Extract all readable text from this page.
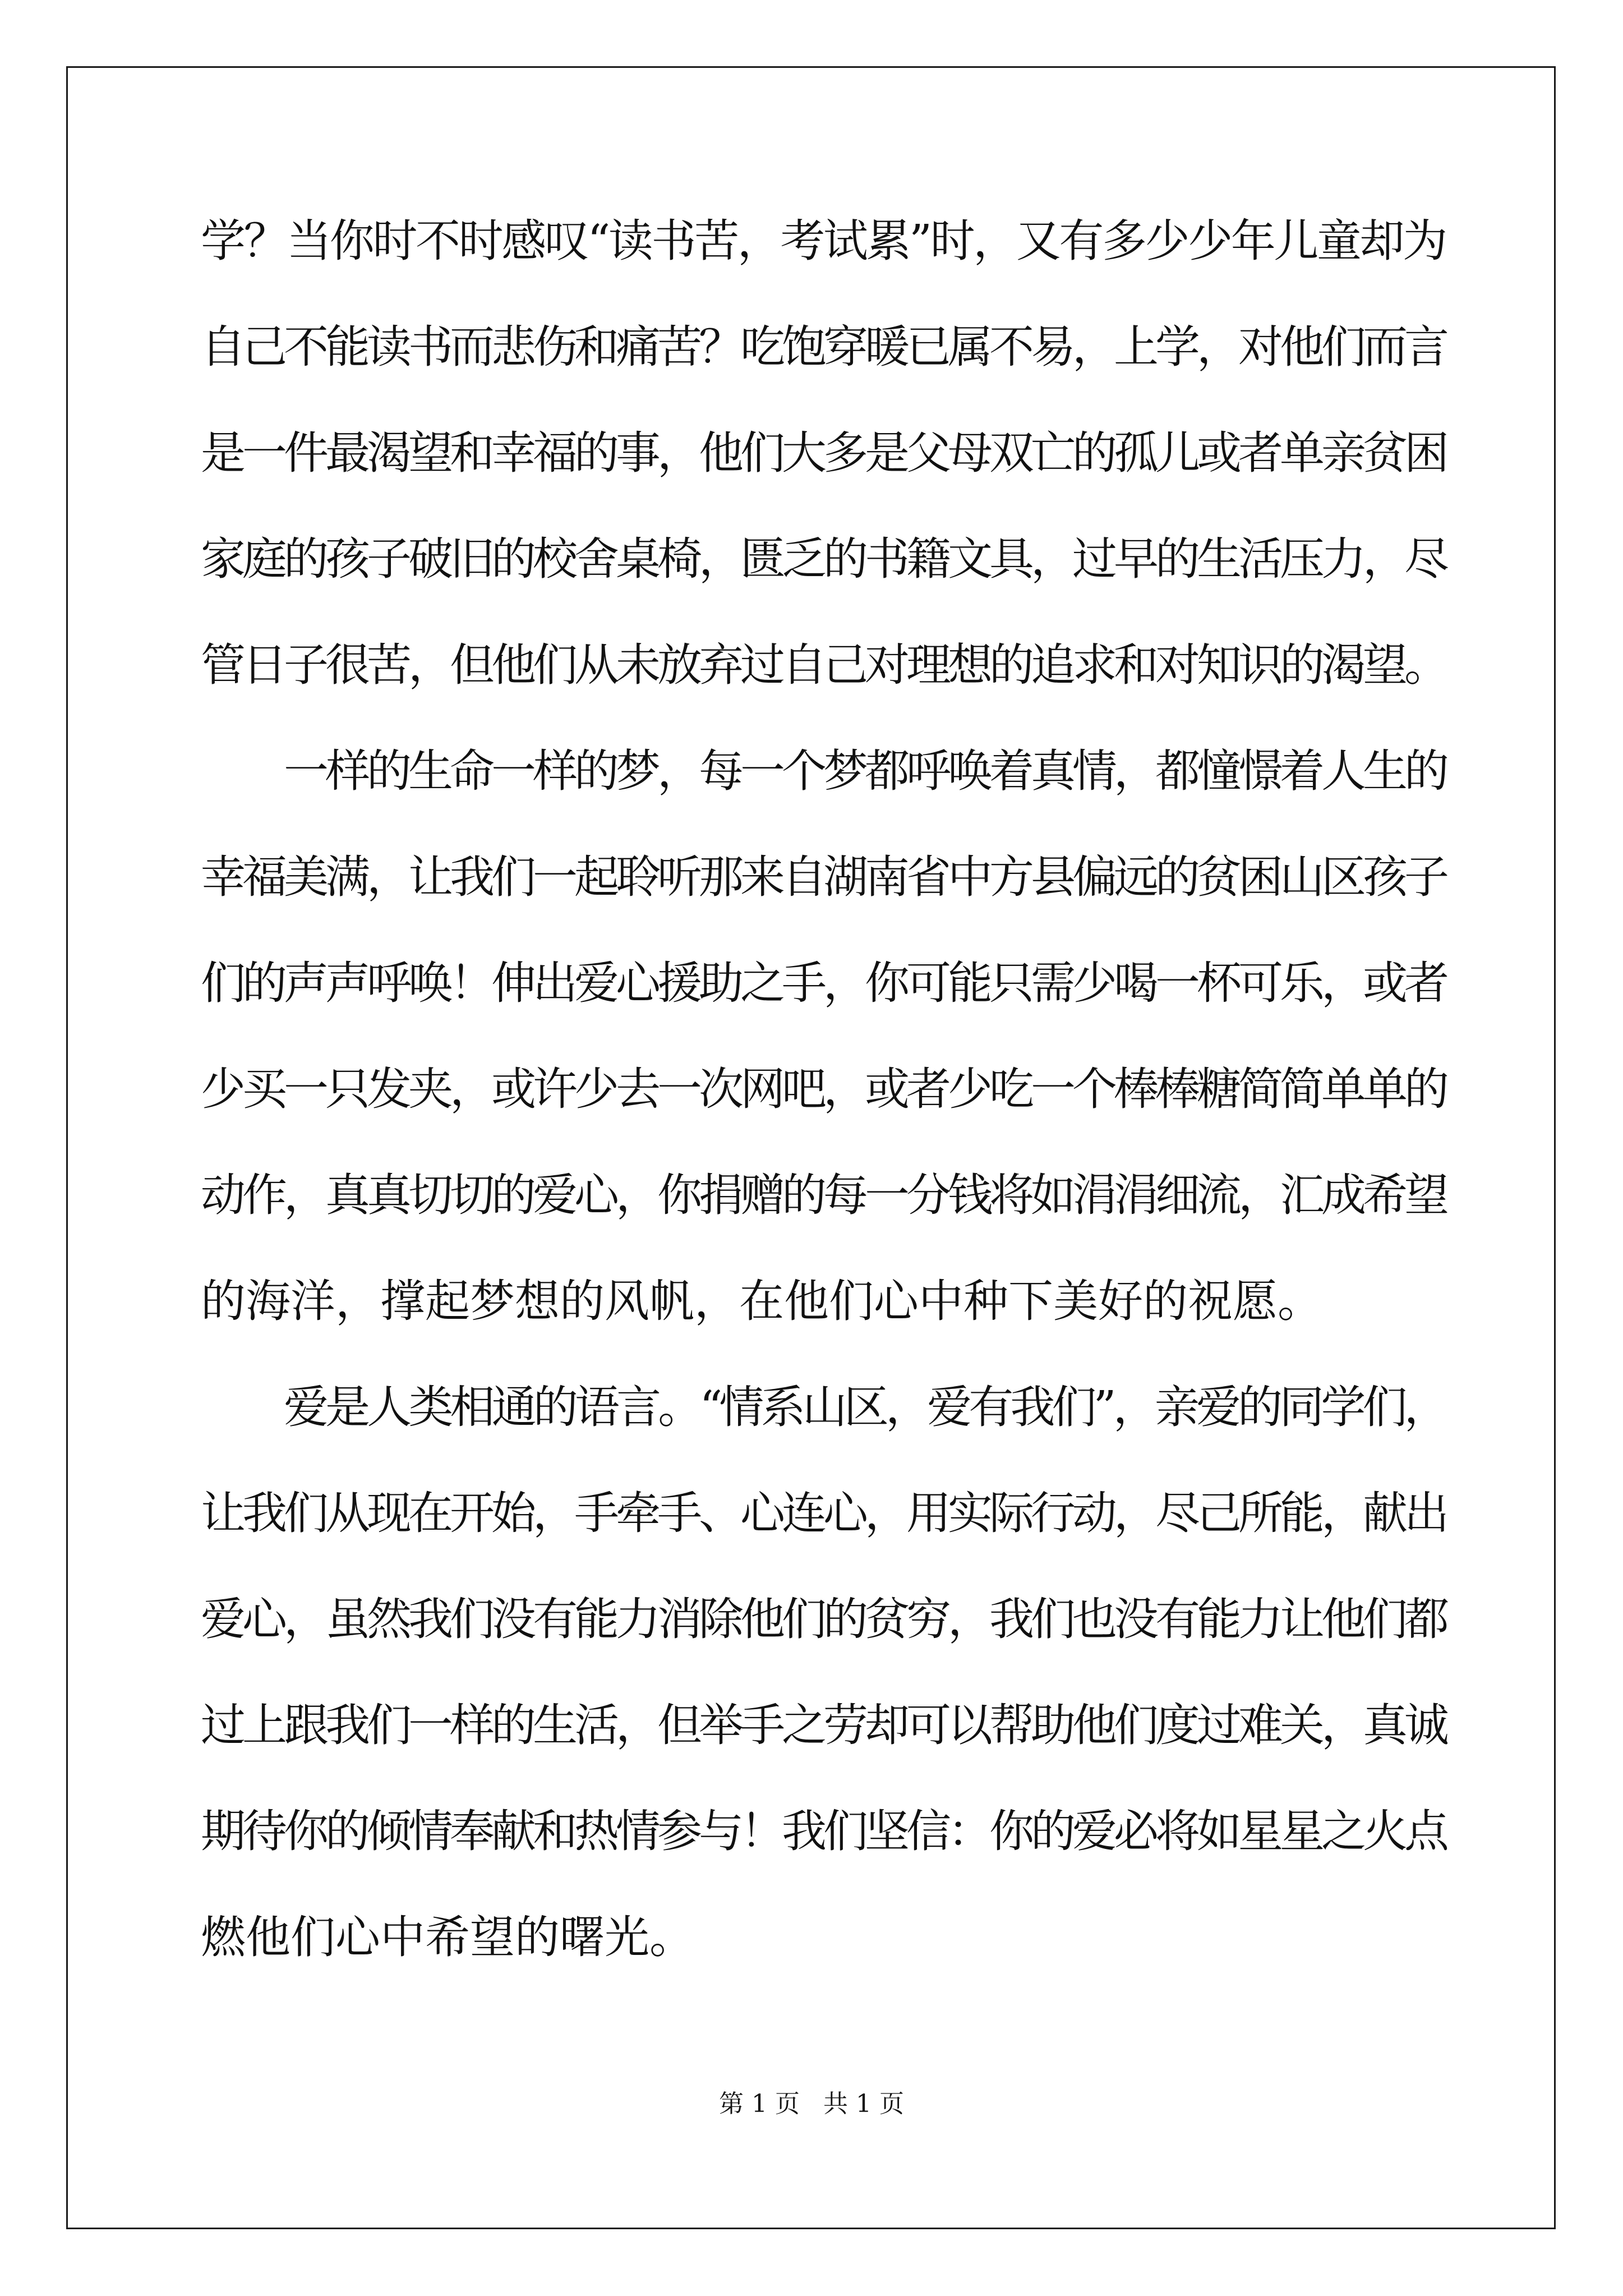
学？当你时不时感叹“读书苦，考试累”时，又有多少少年儿童却为
自己不能读书而悲伤和痛苦？吃饱穿暖已属不易，上学，对他们而言
是一件最渴望和幸福的事，他们大多是父母双亡的孤儿或者单亲贫困
家庭的孩子破旧的校舍桌椅，匮乏的书籍文具，过早的生活压力，尽
管日子很苦，但他们从未放弃过自己对理想的追求和对知识的渴望。
一样的生命一样的梦，每一个梦都呼唤着真情，都憧憬着人生的
幸福美满，让我们一起聆听那来自湖南省中方县偏远的贫困山区孩子
们的声声呼唤！伸出爱心援助之手，你可能只需少喝一杯可乐，或者
少买一只发夹，或许少去一次网吧，或者少吃一个棒棒糖简简单单的
动作，真真切切的爱心，你捐赠的每一分钱将如涓涓细流，汇成希望
的海洋，撑起梦想的风帆，在他们心中种下美好的祝愿。
爱是人类相通的语言。“情系山区，爱有我们”，亲爱的同学们，
让我们从现在开始，手牵手、心连心，用实际行动，尽己所能，献出
爱心，虽然我们没有能力消除他们的贫穷，我们也没有能力让他们都
过上跟我们一样的生活，但举手之劳却可以帮助他们度过难关，真诚
期待你的倾情奉献和热情参与！我们坚信：你的爱必将如星星之火点
燃他们心中希望的曙光。
第 1 页   共 1 页
